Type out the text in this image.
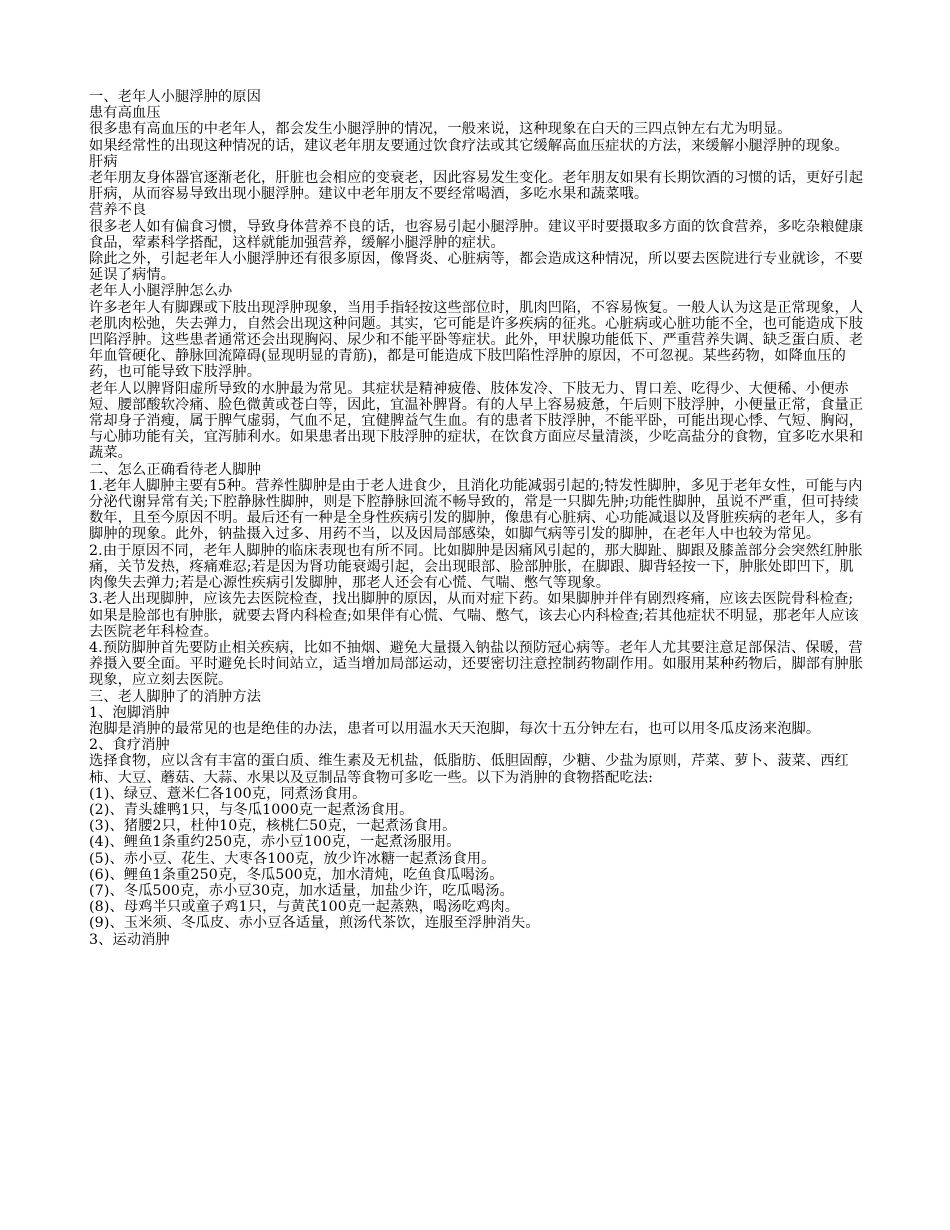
一、老年人小腿浮肿的原因

患有高血压

很多患有高血压的中老年人，都会发生小腿浮肿的情况，一般来说，这种现象在白天的三四点钟左右尤为明显。

如果经常性的出现这种情况的话，建议老年朋友要通过饮食疗法或其它缓解高血压症状的方法，来缓解小腿浮肿的现象。

肝病

老年朋友身体器官逐渐老化，肝脏也会相应的变衰老，因此容易发生变化。老年朋友如果有长期饮酒的习惯的话，更好引起肝病，从而容易导致出现小腿浮肿。建议中老年朋友不要经常喝酒，多吃水果和蔬菜哦。

营养不良

很多老人如有偏食习惯，导致身体营养不良的话，也容易引起小腿浮肿。建议平时要摄取多方面的饮食营养，多吃杂粮健康食品，荤素科学搭配，这样就能加强营养，缓解小腿浮肿的症状。

除此之外，引起老年人小腿浮肿还有很多原因，像肾炎、心脏病等，都会造成这种情况，所以要去医院进行专业就诊，不要延误了病情。

老年人小腿浮肿怎么办

许多老年人有脚踝或下肢出现浮肿现象，当用手指轻按这些部位时，肌肉凹陷，不容易恢复。一般人认为这是正常现象，人老肌肉松弛，失去弹力，自然会出现这种问题。其实，它可能是许多疾病的征兆。心脏病或心脏功能不全，也可能造成下肢凹陷浮肿。这些患者通常还会出现胸闷、尿少和不能平卧等症状。此外，甲状腺功能低下、严重营养失调、缺乏蛋白质、老年血管硬化、静脉回流障碍(显现明显的青筋)，都是可能造成下肢凹陷性浮肿的原因，不可忽视。某些药物，如降血压的药，也可能导致下肢浮肿。

老年人以脾肾阳虚所导致的水肿最为常见。其症状是精神疲倦、肢体发冷、下肢无力、胃口差、吃得少、大便稀、小便赤短、腰部酸软冷痛、脸色微黄或苍白等，因此，宜温补脾肾。有的人早上容易疲惫，午后则下肢浮肿，小便量正常，食量正常却身子消瘦，属于脾气虚弱，气血不足，宜健脾益气生血。有的患者下肢浮肿，不能平卧，可能出现心悸、气短、胸闷，与心肺功能有关，宜泻肺利水。如果患者出现下肢浮肿的症状，在饮食方面应尽量清淡，少吃高盐分的食物，宜多吃水果和蔬菜。

二、怎么正确看待老人脚肿

1.老年人脚肿主要有5种。营养性脚肿是由于老人进食少，且消化功能减弱引起的;特发性脚肿，多见于老年女性，可能与内分泌代谢异常有关;下腔静脉性脚肿，则是下腔静脉回流不畅导致的，常是一只脚先肿;功能性脚肿，虽说不严重，但可持续数年，且至今原因不明。最后还有一种是全身性疾病引发的脚肿，像患有心脏病、心功能减退以及肾脏疾病的老年人，多有脚肿的现象。此外，钠盐摄入过多、用药不当，以及因局部感染，如脚气病等引发的脚肿，在老年人中也较为常见。

2.由于原因不同，老年人脚肿的临床表现也有所不同。比如脚肿是因痛风引起的，那大脚趾、脚跟及膝盖部分会突然红肿胀痛，关节发热，疼痛难忍;若是因为肾功能衰竭引起，会出现眼部、脸部肿胀，在脚跟、脚背轻按一下，肿胀处即凹下，肌肉像失去弹力;若是心源性疾病引发脚肿，那老人还会有心慌、气喘、憋气等现象。

3.老人出现脚肿，应该先去医院检查，找出脚肿的原因，从而对症下药。如果脚肿并伴有剧烈疼痛，应该去医院骨科检查;如果是脸部也有肿胀，就要去肾内科检查;如果伴有心慌、气喘、憋气，该去心内科检查;若其他症状不明显，那老年人应该去医院老年科检查。

4.预防脚肿首先要防止相关疾病，比如不抽烟、避免大量摄入钠盐以预防冠心病等。老年人尤其要注意足部保洁、保暖，营养摄入要全面。平时避免长时间站立，适当增加局部运动，还要密切注意控制药物副作用。如服用某种药物后，脚部有肿胀现象，应立刻去医院。

三、老人脚肿了的消肿方法

1、泡脚消肿

泡脚是消肿的最常见的也是绝佳的办法，患者可以用温水天天泡脚，每次十五分钟左右，也可以用冬瓜皮汤来泡脚。

2、食疗消肿

选择食物，应以含有丰富的蛋白质、维生素及无机盐，低脂肪、低胆固醇，少糖、少盐为原则，芹菜、萝卜、菠菜、西红柿、大豆、蘑菇、大蒜、水果以及豆制品等食物可多吃一些。以下为消肿的食物搭配吃法:

(1)、绿豆、薏米仁各100克，同煮汤食用。

(2)、青头雄鸭1只，与冬瓜1000克一起煮汤食用。

(3)、猪腰2只，杜仲10克，核桃仁50克，一起煮汤食用。

(4)、鲤鱼1条重约250克，赤小豆100克，一起煮汤服用。

(5)、赤小豆、花生、大枣各100克，放少许冰糖一起煮汤食用。

(6)、鲤鱼1条重250克，冬瓜500克，加水清炖，吃鱼食瓜喝汤。

(7)、冬瓜500克，赤小豆30克，加水适量，加盐少许，吃瓜喝汤。

(8)、母鸡半只或童子鸡1只，与黄芪100克一起蒸熟，喝汤吃鸡肉。

(9)、玉米须、冬瓜皮、赤小豆各适量，煎汤代茶饮，连服至浮肿消失。

3、运动消肿
